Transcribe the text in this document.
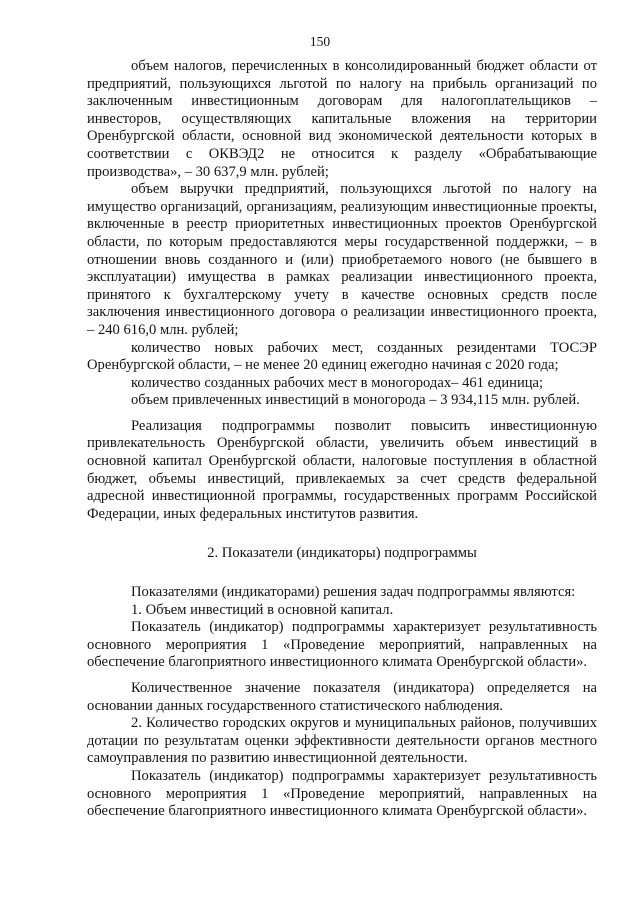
150

объем налогов, перечисленных в консолидированный бюджет области от предприятий, пользующихся льготой по налогу на прибыль организаций по заключенным инвестиционным договорам для налогоплательщиков – инвесторов, осуществляющих капитальные вложения на территории Оренбургской области, основной вид экономической деятельности которых в соответствии с ОКВЭД2 не относится к разделу «Обрабатывающие производства», – 30 637,9 млн. рублей;

объем выручки предприятий, пользующихся льготой по налогу на имущество организаций, организациям, реализующим инвестиционные проекты, включенные в реестр приоритетных инвестиционных проектов Оренбургской области, по которым предоставляются меры государственной поддержки, – в отношении вновь созданного и (или) приобретаемого нового (не бывшего в эксплуатации) имущества в рамках реализации инвестиционного проекта, принятого к бухгалтерскому учету в качестве основных средств после заключения инвестиционного договора о реализации инвестиционного проекта, – 240 616,0 млн. рублей;

количество новых рабочих мест, созданных резидентами ТОСЭР Оренбургской области, – не менее 20 единиц ежегодно начиная с 2020 года;

количество созданных рабочих мест в моногородах– 461 единица;

объем привлеченных инвестиций в моногорода – 3 934,115 млн. рублей.

Реализация подпрограммы позволит повысить инвестиционную привлекательность Оренбургской области, увеличить объем инвестиций в основной капитал Оренбургской области, налоговые поступления в областной бюджет, объемы инвестиций, привлекаемых за счет средств федеральной адресной инвестиционной программы, государственных программ Российской Федерации, иных федеральных институтов развития.

2. Показатели (индикаторы) подпрограммы

Показателями (индикаторами) решения задач подпрограммы являются:

1. Объем инвестиций в основной капитал.

Показатель (индикатор) подпрограммы характеризует результативность основного мероприятия 1 «Проведение мероприятий, направленных на обеспечение благоприятного инвестиционного климата Оренбургской области».

Количественное значение показателя (индикатора) определяется на основании данных государственного статистического наблюдения.

2. Количество городских округов и муниципальных районов, получивших дотации по результатам оценки эффективности деятельности органов местного самоуправления по развитию инвестиционной деятельности.

Показатель (индикатор) подпрограммы характеризует результативность основного мероприятия 1 «Проведение мероприятий, направленных на обеспечение благоприятного инвестиционного климата Оренбургской области».
